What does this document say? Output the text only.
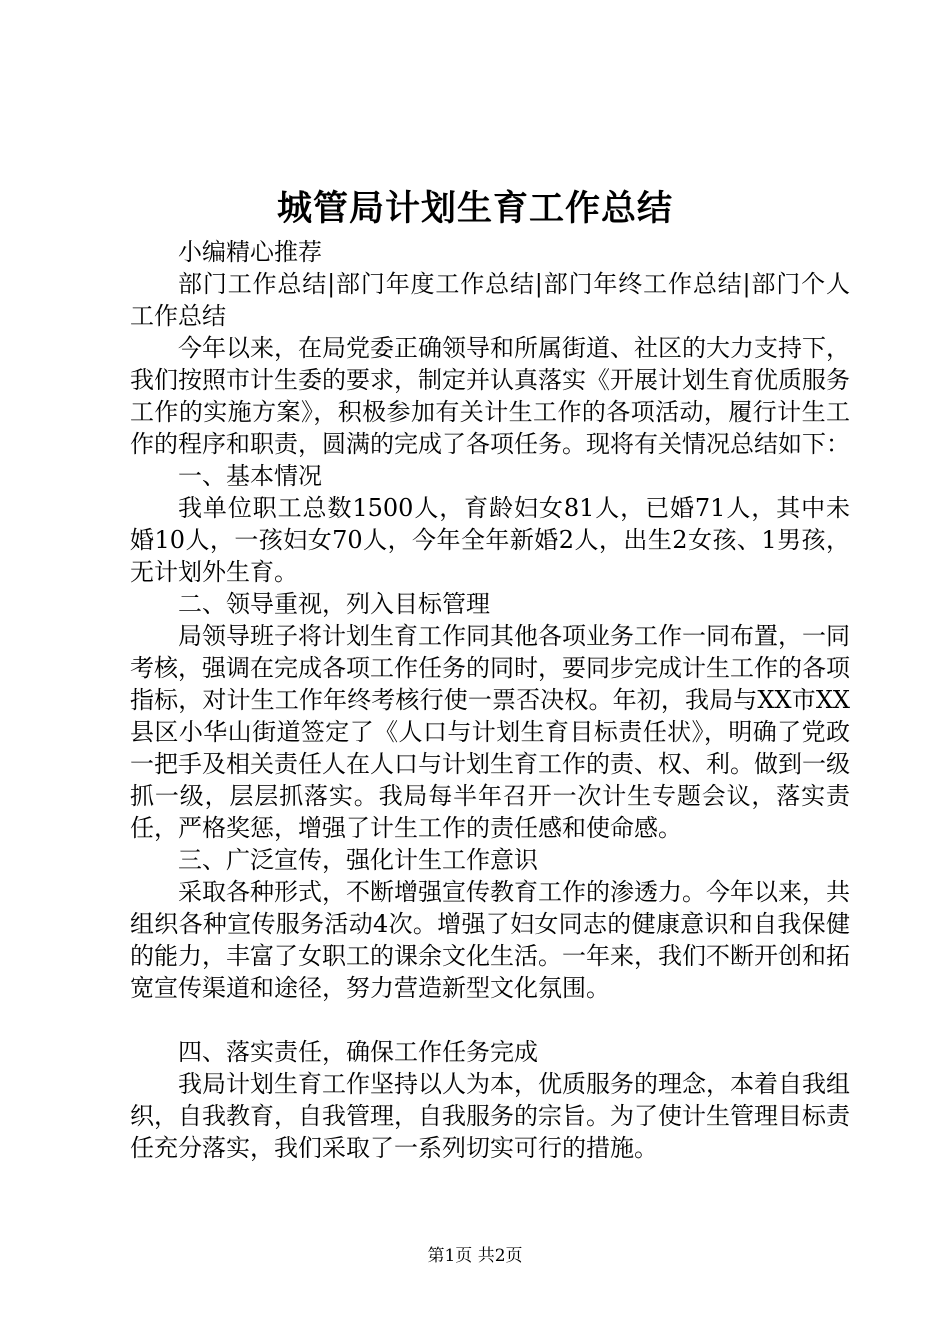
城管局计划生育工作总结

小编精心推荐

部门工作总结|部门年度工作总结|部门年终工作总结|部门个人工作总结

今年以来，在局党委正确领导和所属街道、社区的大力支持下，我们按照市计生委的要求，制定并认真落实《开展计划生育优质服务工作的实施方案》，积极参加有关计生工作的各项活动，履行计生工作的程序和职责，圆满的完成了各项任务。现将有关情况总结如下：

一、基本情况

我单位职工总数1500人，育龄妇女81人，已婚71人，其中未婚10人，一孩妇女70人，今年全年新婚2人，出生2女孩、1男孩，无计划外生育。

二、领导重视，列入目标管理

局领导班子将计划生育工作同其他各项业务工作一同布置，一同考核，强调在完成各项工作任务的同时，要同步完成计生工作的各项指标，对计生工作年终考核行使一票否决权。年初，我局与XX市XX县区小华山街道签定了《人口与计划生育目标责任状》，明确了党政一把手及相关责任人在人口与计划生育工作的责、权、利。做到一级抓一级，层层抓落实。我局每半年召开一次计生专题会议，落实责任，严格奖惩，增强了计生工作的责任感和使命感。

三、广泛宣传，强化计生工作意识

采取各种形式，不断增强宣传教育工作的渗透力。今年以来，共组织各种宣传服务活动4次。增强了妇女同志的健康意识和自我保健的能力，丰富了女职工的课余文化生活。一年来，我们不断开创和拓宽宣传渠道和途径，努力营造新型文化氛围。

四、落实责任，确保工作任务完成

我局计划生育工作坚持以人为本，优质服务的理念，本着自我组织，自我教育，自我管理，自我服务的宗旨。为了使计生管理目标责任充分落实，我们采取了一系列切实可行的措施。

第1页 共2页
